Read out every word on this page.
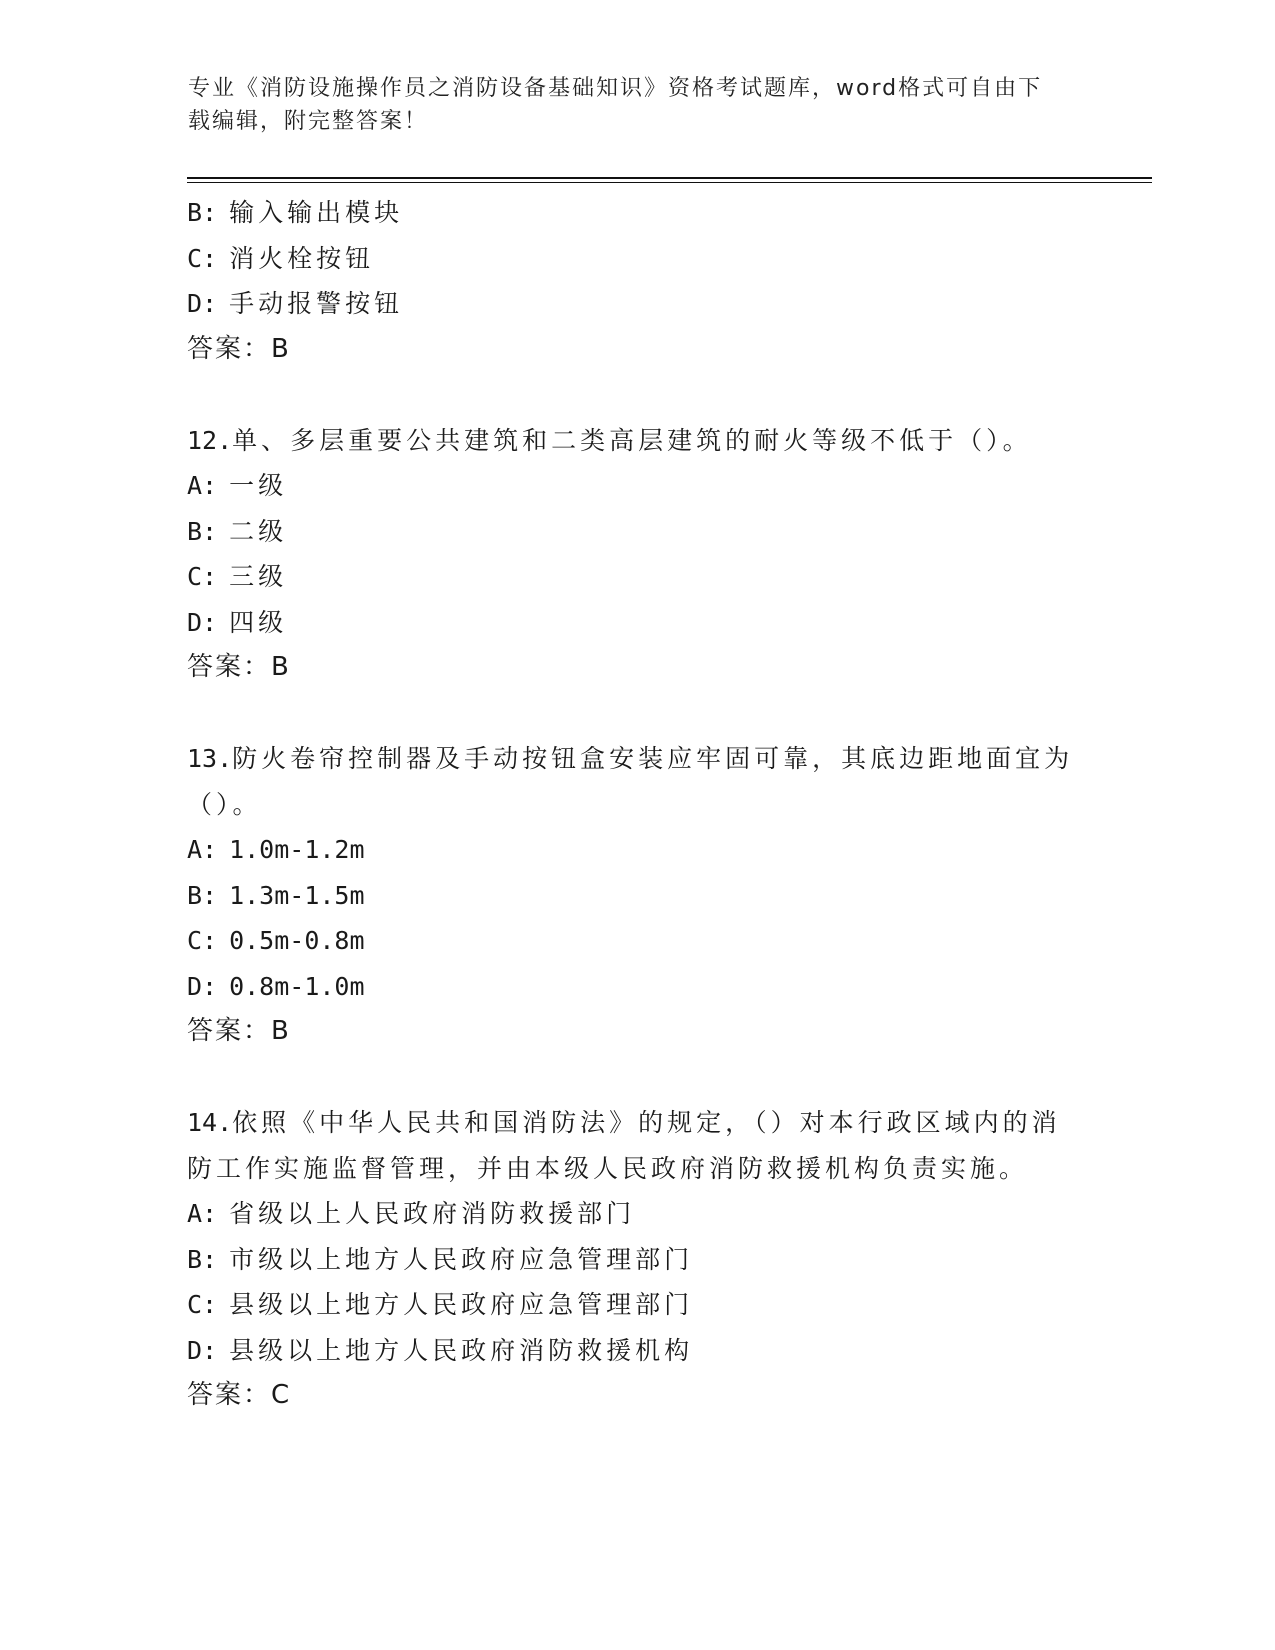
专业《消防设施操作员之消防设备基础知识》资格考试题库，word格式可自由下
载编辑，附完整答案！
B: 输入输出模块
C: 消火栓按钮
D: 手动报警按钮
答案：B
12.单、多层重要公共建筑和二类高层建筑的耐火等级不低于（）。
A: 一级
B: 二级
C: 三级
D: 四级
答案：B
13.防火卷帘控制器及手动按钮盒安装应牢固可靠，其底边距地面宜为
（）。
A: 1.0m-1.2m
B: 1.3m-1.5m
C: 0.5m-0.8m
D: 0.8m-1.0m
答案：B
14.依照《中华人民共和国消防法》的规定，（）对本行政区域内的消
防工作实施监督管理，并由本级人民政府消防救援机构负责实施。
A: 省级以上人民政府消防救援部门
B: 市级以上地方人民政府应急管理部门
C: 县级以上地方人民政府应急管理部门
D: 县级以上地方人民政府消防救援机构
答案：C
